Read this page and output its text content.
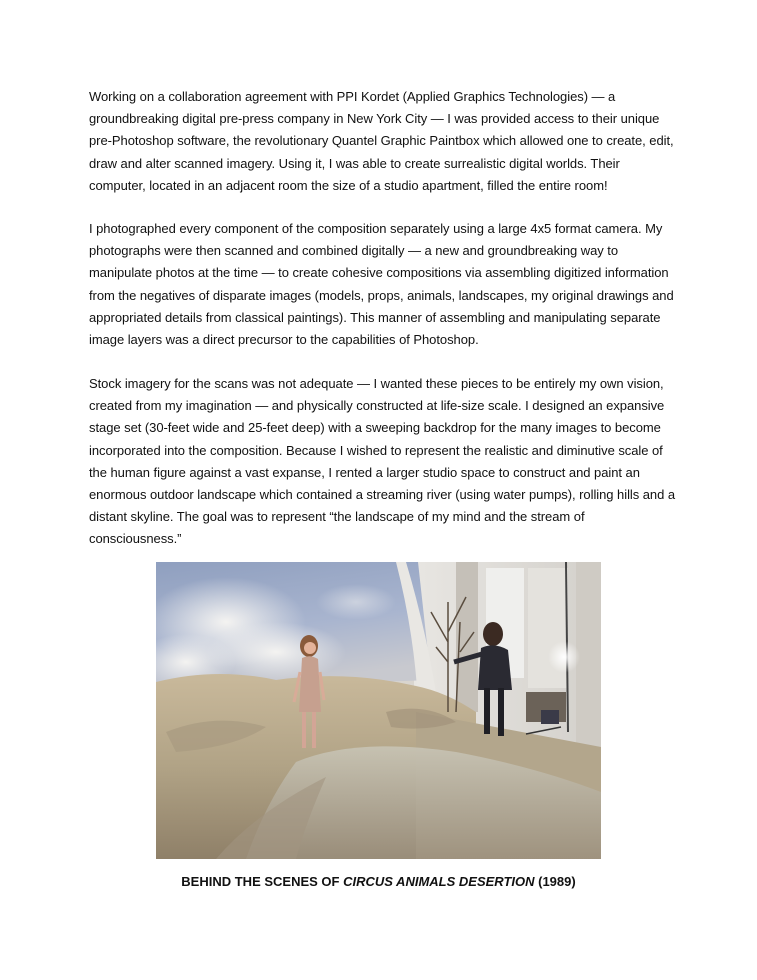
Working on a collaboration agreement with PPI Kordet (Applied Graphics Technologies) — a groundbreaking digital pre-press company in New York City — I was provided access to their unique pre-Photoshop software, the revolutionary Quantel Graphic Paintbox which allowed one to create, edit, draw and alter scanned imagery. Using it, I was able to create surrealistic digital worlds. Their computer, located in an adjacent room the size of a studio apartment, filled the entire room!

I photographed every component of the composition separately using a large 4x5 format camera. My photographs were then scanned and combined digitally — a new and groundbreaking way to manipulate photos at the time — to create cohesive compositions via assembling digitized information from the negatives of disparate images (models, props, animals, landscapes, my original drawings and appropriated details from classical paintings). This manner of assembling and manipulating separate image layers was a direct precursor to the capabilities of Photoshop.

Stock imagery for the scans was not adequate — I wanted these pieces to be entirely my own vision, created from my imagination — and physically constructed at life-size scale. I designed an expansive stage set (30-feet wide and 25-feet deep) with a sweeping backdrop for the many images to become incorporated into the composition. Because I wished to represent the realistic and diminutive scale of the human figure against a vast expanse, I rented a larger studio space to construct and paint an enormous outdoor landscape which contained a streaming river (using water pumps), rolling hills and a distant skyline. The goal was to represent “the landscape of my mind and the stream of consciousness.”

BEHIND THE SCENES OF CIRCUS ANIMALS DESERTION (1989)
